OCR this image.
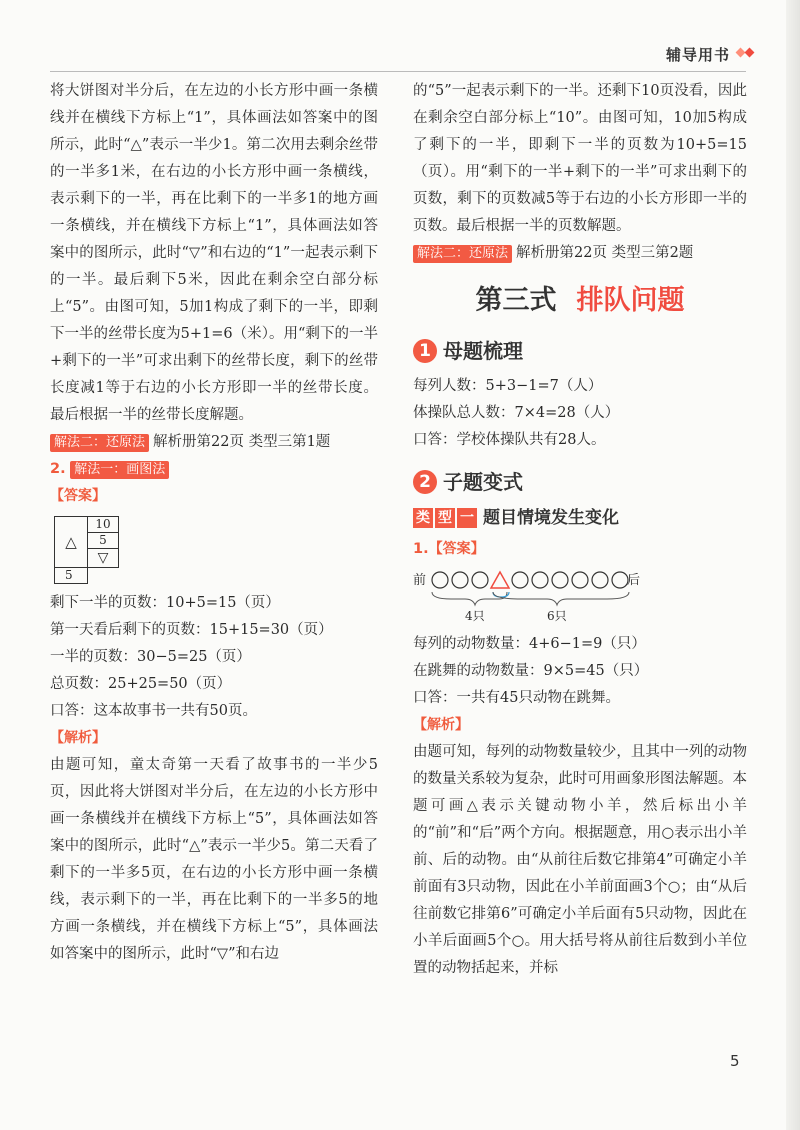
辅导用书

将大饼图对半分后，在左边的小长方形中画一条横线并在横线下方标上“1”，具体画法如答案中的图所示，此时“△”表示一半少1。第二次用去剩余丝带的一半多1米，在右边的小长方形中画一条横线，表示剩下的一半，再在比剩下的一半多1的地方画一条横线，并在横线下方标上“1”，具体画法如答案中的图所示，此时“▽”和右边的“1”一起表示剩下的一半。最后剩下5米，因此在剩余空白部分标上“5”。由图可知，5加1构成了剩下的一半，即剩下一半的丝带长度为5+1=6（米）。用“剩下的一半+剩下的一半”可求出剩下的丝带长度，剩下的丝带长度减1等于右边的小长方形即一半的丝带长度。最后根据一半的丝带长度解题。

解法二：还原法 解析册第22页 类型三第1题
2. 解法一：画图法
【答案】
△	10
	5
	▽
5	
剩下一半的页数：10+5=15（页）
第一天看后剩下的页数：15+15=30（页）
一半的页数：30−5=25（页）
总页数：25+25=50（页）
口答：这本故事书一共有50页。
【解析】

由题可知，童太奇第一天看了故事书的一半少5页，因此将大饼图对半分后，在左边的小长方形中画一条横线并在横线下方标上“5”，具体画法如答案中的图所示，此时“△”表示一半少5。第二天看了剩下的一半多5页，在右边的小长方形中画一条横线，表示剩下的一半，再在比剩下的一半多5的地方画一条横线，并在横线下方标上“5”，具体画法如答案中的图所示，此时“▽”和右边

的“5”一起表示剩下的一半。还剩下10页没看，因此在剩余空白部分标上“10”。由图可知，10加5构成了剩下的一半，即剩下一半的页数为10+5=15（页）。用“剩下的一半+剩下的一半”可求出剩下的页数，剩下的页数减5等于右边的小长方形即一半的页数。最后根据一半的页数解题。

解法二：还原法 解析册第22页 类型三第2题
第三式 排队问题
1 母题梳理
每列人数：5+3−1=7（人）
体操队总人数：7×4=28（人）
口答：学校体操队共有28人。
2 子题变式
类 型 一 题目情境发生变化
1.【答案】
前	后
4只	6只
每列的动物数量：4+6−1=9（只）
在跳舞的动物数量：9×5=45（只）
口答：一共有45只动物在跳舞。
【解析】

由题可知，每列的动物数量较少，且其中一列的动物的数量关系较为复杂，此时可用画象形图法解题。本题可画△表示关键动物小羊，然后标出小羊的“前”和“后”两个方向。根据题意，用○表示出小羊前、后的动物。由“从前往后数它排第4”可确定小羊前面有3只动物，因此在小羊前面画3个○；由“从后往前数它排第6”可确定小羊后面有5只动物，因此在小羊后面画5个○。用大括号将从前往后数到小羊位置的动物括起来，并标

5
